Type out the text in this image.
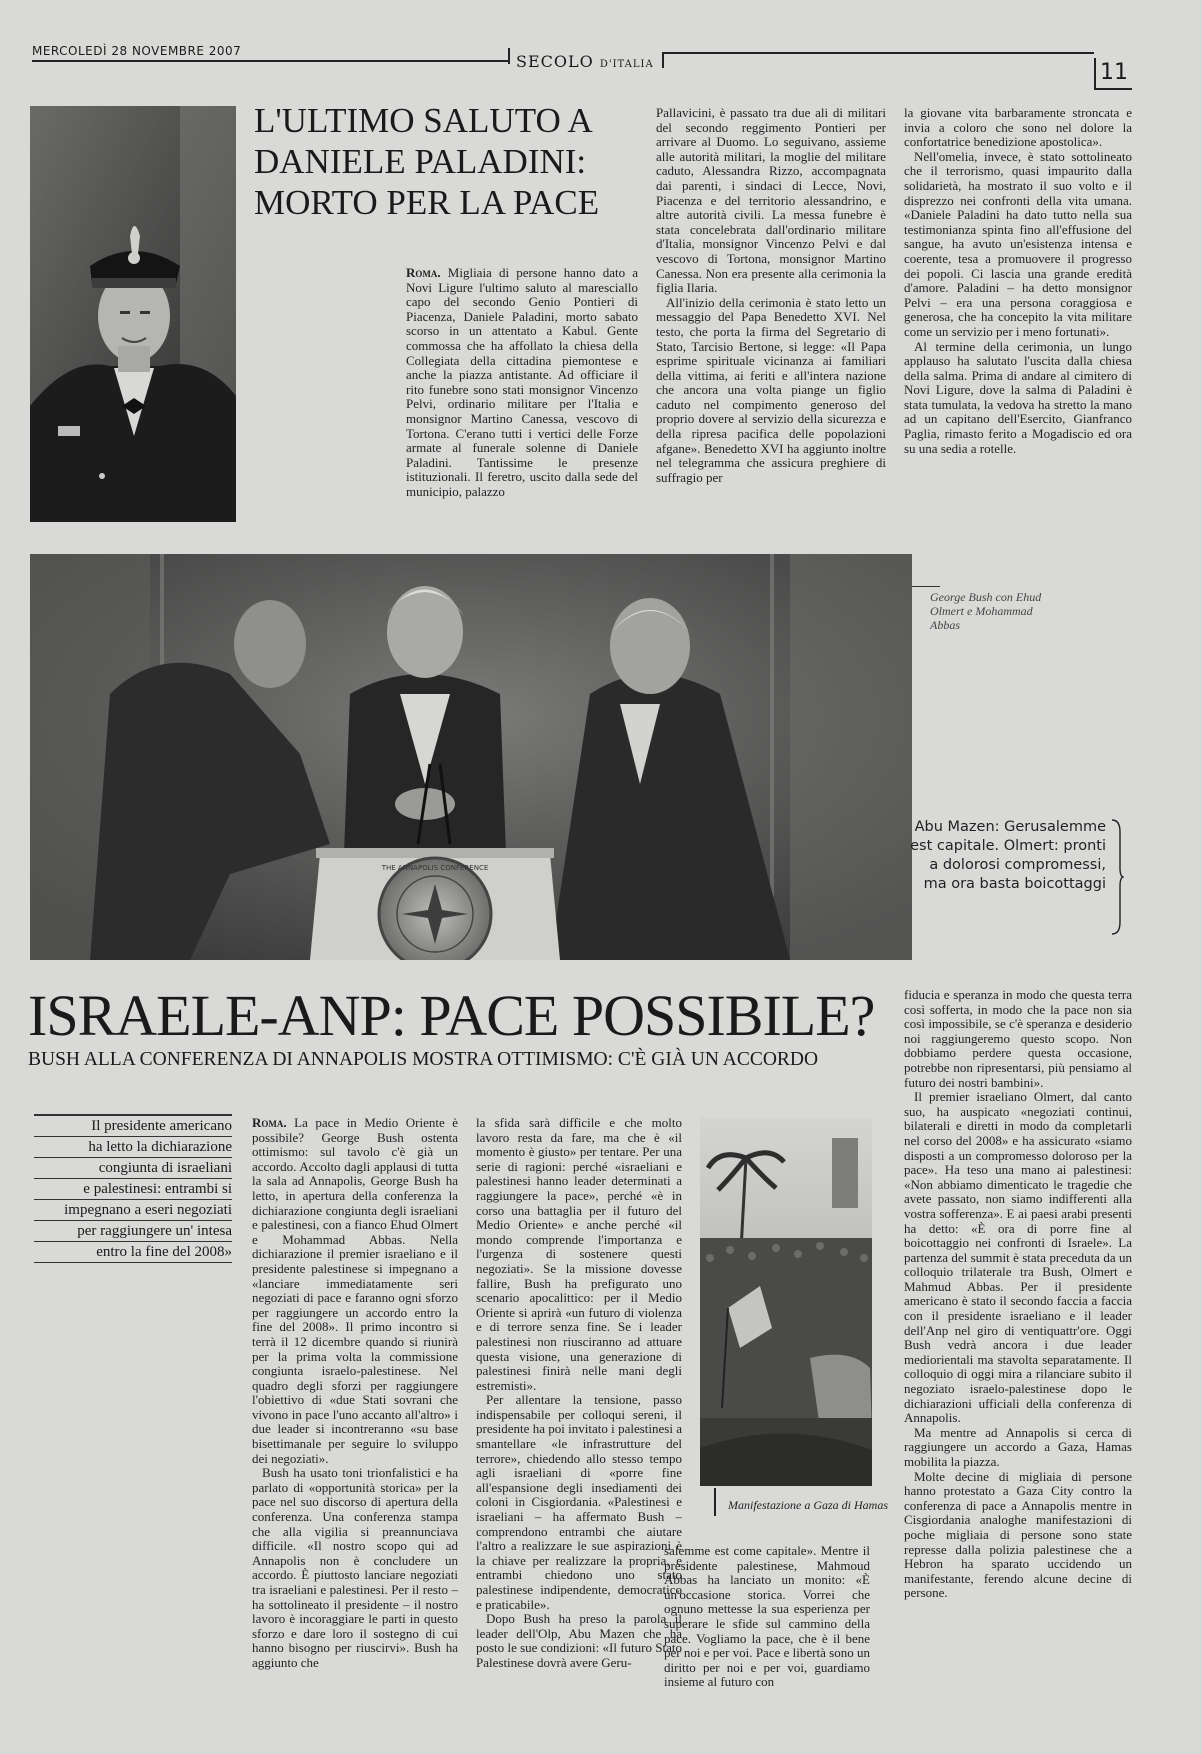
MERCOLEDÌ 28 NOVEMBRE 2007
SECOLO D'ITALIA	11
L'ULTIMO SALUTO A DANIELE PALADINI: MORTO PER LA PACE

Roma. Migliaia di persone hanno dato a Novi Ligure l'ultimo saluto al maresciallo capo del secondo Genio Pontieri di Piacenza, Daniele Paladini, morto sabato scorso in un attentato a Kabul. Gente commossa che ha affollato la chiesa della Collegiata della cittadina piemontese e anche la piazza antistante. Ad officiare il rito funebre sono stati monsignor Vincenzo Pelvi, ordinario militare per l'Italia e monsignor Martino Canessa, vescovo di Tortona. C'erano tutti i vertici delle Forze armate al funerale solenne di Daniele Paladini. Tantissime le presenze istituzionali. Il feretro, uscito dalla sede del municipio, palazzo

Pallavicini, è passato tra due ali di militari del secondo reggimento Pontieri per arrivare al Duomo. Lo seguivano, assieme alle autorità militari, la moglie del militare caduto, Alessandra Rizzo, accompagnata dai parenti, i sindaci di Lecce, Novi, Piacenza e del territorio alessandrino, e altre autorità civili. La messa funebre è stata concelebrata dall'ordinario militare d'Italia, monsignor Vincenzo Pelvi e dal vescovo di Tortona, monsignor Martino Canessa. Non era presente alla cerimonia la figlia Ilaria.

All'inizio della cerimonia è stato letto un messaggio del Papa Benedetto XVI. Nel testo, che porta la firma del Segretario di Stato, Tarcisio Bertone, si legge: «Il Papa esprime spirituale vicinanza ai familiari della vittima, ai feriti e all'intera nazione che ancora una volta piange un figlio caduto nel compimento generoso del proprio dovere al servizio della sicurezza e della ripresa pacifica delle popolazioni afgane». Benedetto XVI ha aggiunto inoltre nel telegramma che assicura preghiere di suffragio per

la giovane vita barbaramente stroncata e invia a coloro che sono nel dolore la confortatrice benedizione apostolica».

Nell'omelia, invece, è stato sottolineato che il terrorismo, quasi impaurito dalla solidarietà, ha mostrato il suo volto e il disprezzo nei confronti della vita umana. «Daniele Paladini ha dato tutto nella sua testimonianza spinta fino all'effusione del sangue, ha avuto un'esistenza intensa e coerente, tesa a promuovere il progresso dei popoli. Ci lascia una grande eredità d'amore. Paladini – ha detto monsignor Pelvi – era una persona coraggiosa e generosa, che ha concepito la vita militare come un servizio per i meno fortunati».

Al termine della cerimonia, un lungo applauso ha salutato l'uscita dalla chiesa della salma. Prima di andare al cimitero di Novi Ligure, dove la salma di Paladini è stata tumulata, la vedova ha stretto la mano ad un capitano dell'Esercito, Gianfranco Paglia, rimasto ferito a Mogadiscio ed ora su una sedia a rotelle.

THE ANNAPOLIS CONFERENCE
George Bush con Ehud Olmert e Mohammad Abbas
Abu Mazen: Gerusalemme est capitale. Olmert: pronti a dolorosi compromessi, ma ora basta boicottaggi
ISRAELE-ANP: PACE POSSIBILE?
BUSH ALLA CONFERENZA DI ANNAPOLIS MOSTRA OTTIMISMO: C'È GIÀ UN ACCORDO
Il presidente americano
ha letto la dichiarazione
congiunta di israeliani
e palestinesi: entrambi si
impegnano a eseri negoziati
per raggiungere un' intesa
entro la fine del 2008»

Roma. La pace in Medio Oriente è possibile? George Bush ostenta ottimismo: sul tavolo c'è già un accordo. Accolto dagli applausi di tutta la sala ad Annapolis, George Bush ha letto, in apertura della conferenza la dichiarazione congiunta degli israeliani e palestinesi, con a fianco Ehud Olmert e Mohammad Abbas. Nella dichiarazione il premier israeliano e il presidente palestinese si impegnano a «lanciare immediatamente seri negoziati di pace e faranno ogni sforzo per raggiungere un accordo entro la fine del 2008». Il primo incontro si terrà il 12 dicembre quando si riunirà per la prima volta la commissione congiunta israelo-palestinese. Nel quadro degli sforzi per raggiungere l'obiettivo di «due Stati sovrani che vivono in pace l'uno accanto all'altro» i due leader si incontreranno «su base bisettimanale per seguire lo sviluppo dei negoziati».

Bush ha usato toni trionfalistici e ha parlato di «opportunità storica» per la pace nel suo discorso di apertura della conferenza. Una conferenza stampa che alla vigilia si preannunciava difficile. «Il nostro scopo qui ad Annapolis non è concludere un accordo. È piuttosto lanciare negoziati tra israeliani e palestinesi. Per il resto – ha sottolineato il presidente – il nostro lavoro è incoraggiare le parti in questo sforzo e dare loro il sostegno di cui hanno bisogno per riuscirvi». Bush ha aggiunto che

la sfida sarà difficile e che molto lavoro resta da fare, ma che è «il momento è giusto» per tentare. Per una serie di ragioni: perché «israeliani e palestinesi hanno leader determinati a raggiungere la pace», perché «è in corso una battaglia per il futuro del Medio Oriente» e anche perché «il mondo comprende l'importanza e l'urgenza di sostenere questi negoziati». Se la missione dovesse fallire, Bush ha prefigurato uno scenario apocalittico: per il Medio Oriente si aprirà «un futuro di violenza e di terrore senza fine. Se i leader palestinesi non riusciranno ad attuare questa visione, una generazione di palestinesi finirà nelle mani degli estremisti».

Per allentare la tensione, passo indispensabile per colloqui sereni, il presidente ha poi invitato i palestinesi a smantellare «le infrastrutture del terrore», chiedendo allo stesso tempo agli israeliani di «porre fine all'espansione degli insediamenti dei coloni in Cisgiordania. «Palestinesi e israeliani – ha affermato Bush – comprendono entrambi che aiutare l'altro a realizzare le sue aspirazioni è la chiave per realizzare la propria, e entrambi chiedono uno stato palestinese indipendente, democratico e praticabile».

Dopo Bush ha preso la parola il leader dell'Olp, Abu Mazen che ha posto le sue condizioni: «Il futuro Stato Palestinese dovrà avere Geru-

Manifestazione a Gaza di Hamas

salemme est come capitale». Mentre il presidente palestinese, Mahmoud Abbas ha lanciato un monito: «È un'occasione storica. Vorrei che ognuno mettesse la sua esperienza per superare le sfide sul cammino della pace. Vogliamo la pace, che è il bene per noi e per voi. Pace e libertà sono un diritto per noi e per voi, guardiamo insieme al futuro con

fiducia e speranza in modo che questa terra così sofferta, in modo che la pace non sia così impossibile, se c'è speranza e desiderio noi raggiungeremo questo scopo. Non dobbiamo perdere questa occasione, potrebbe non ripresentarsi, più pensiamo al futuro dei nostri bambini».

Il premier israeliano Olmert, dal canto suo, ha auspicato «negoziati continui, bilaterali e diretti in modo da completarli nel corso del 2008» e ha assicurato «siamo disposti a un compromesso doloroso per la pace». Ha teso una mano ai palestinesi: «Non abbiamo dimenticato le tragedie che avete passato, non siamo indifferenti alla vostra sofferenza». E ai paesi arabi presenti ha detto: «È ora di porre fine al boicottaggio nei confronti di Israele». La partenza del summit è stata preceduta da un colloquio trilaterale tra Bush, Olmert e Mahmud Abbas. Per il presidente americano è stato il secondo faccia a faccia con il presidente israeliano e il leader dell'Anp nel giro di ventiquattr'ore. Oggi Bush vedrà ancora i due leader mediorientali ma stavolta separatamente. Il colloquio di oggi mira a rilanciare subito il negoziato israelo-palestinese dopo le dichiarazioni ufficiali della conferenza di Annapolis.

Ma mentre ad Annapolis si cerca di raggiungere un accordo a Gaza, Hamas mobilita la piazza.

Molte decine di migliaia di persone hanno protestato a Gaza City contro la conferenza di pace a Annapolis mentre in Cisgiordania analoghe manifestazioni di poche migliaia di persone sono state represse dalla polizia palestinese che a Hebron ha sparato uccidendo un manifestante, ferendo alcune decine di persone.
